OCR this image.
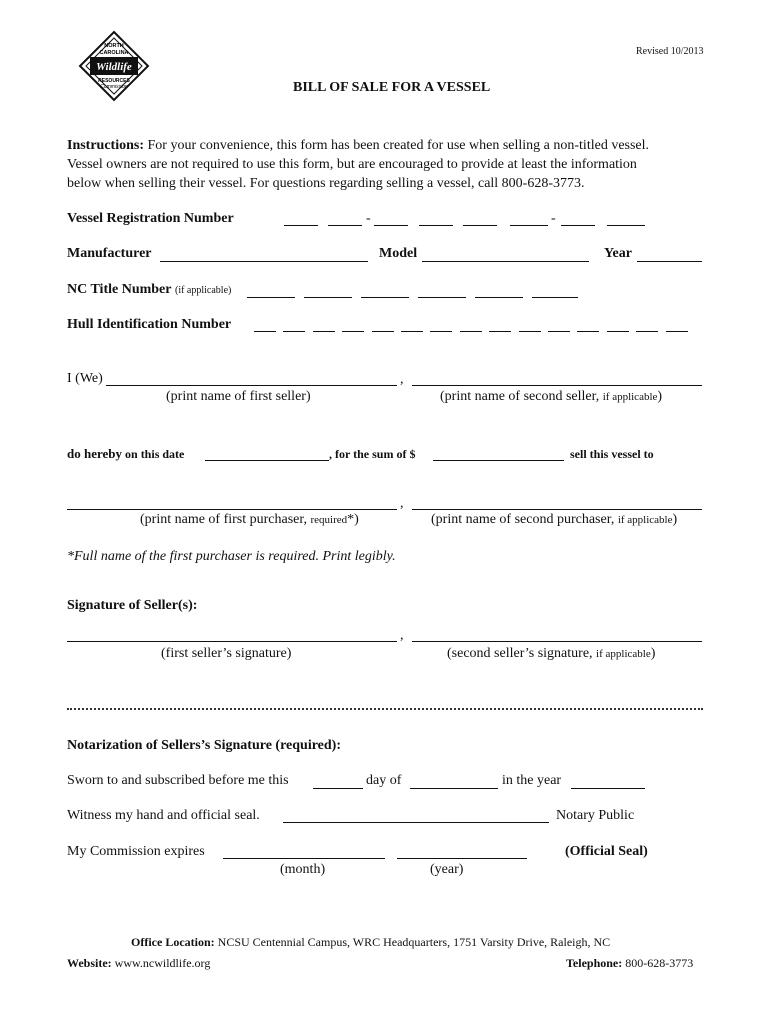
NORTH
CAROLINA
Wildlife
RESOURCES
Commission
Revised 10/2013
BILL OF SALE FOR A VESSEL
Instructions: For your convenience, this form has been created for use when selling a non-titled vessel.
Vessel owners are not required to use this form, but are encouraged to provide at least the information
below when selling their vessel. For questions regarding selling a vessel, call 800-628-3773.
Vessel Registration Number	-	-
Manufacturer	Model	Year
NC Title Number (if applicable)
Hull Identification Number
I (We)	,
(print name of first seller)	(print name of second seller, if applicable)
do hereby on this date	, for the sum of $	sell this vessel to
,
(print name of first purchaser, required*)	(print name of second purchaser, if applicable)
*Full name of the first purchaser is required. Print legibly.
Signature of Seller(s):
,
(first seller’s signature)	(second seller’s signature, if applicable)
Notarization of Sellers’s Signature (required):
Sworn to and subscribed before me this	day of	in the year
Witness my hand and official seal.	Notary Public
My Commission expires	(Official Seal)
(month)	(year)
Office Location: NCSU Centennial Campus, WRC Headquarters, 1751 Varsity Drive, Raleigh, NC
Website: www.ncwildlife.org	Telephone: 800-628-3773
